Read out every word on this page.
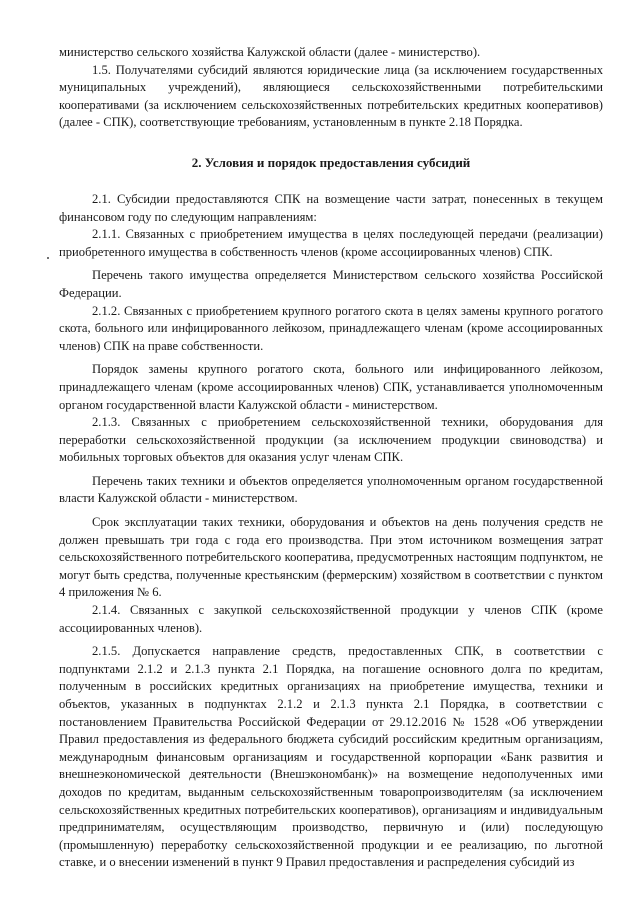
министерство сельского хозяйства Калужской области (далее - министерство).

1.5. Получателями субсидий являются юридические лица (за исключением государственных муниципальных учреждений), являющиеся сельскохозяйственными потребительскими кооперативами (за исключением сельскохозяйственных потребительских кредитных кооперативов) (далее - СПК), соответствующие требованиям, установленным в пункте 2.18 Порядка.

2. Условия и порядок предоставления субсидий

2.1. Субсидии предоставляются СПК на возмещение части затрат, понесенных в текущем финансовом году по следующим направлениям:

2.1.1. Связанных с приобретением имущества в целях последующей передачи (реализации) приобретенного имущества в собственность членов (кроме ассоциированных членов) СПК.

Перечень такого имущества определяется Министерством сельского хозяйства Российской Федерации.

2.1.2. Связанных с приобретением крупного рогатого скота в целях замены крупного рогатого скота, больного или инфицированного лейкозом, принадлежащего членам (кроме ассоциированных членов) СПК на праве собственности.

Порядок замены крупного рогатого скота, больного или инфицированного лейкозом, принадлежащего членам (кроме ассоциированных членов) СПК, устанавливается уполномоченным органом государственной власти Калужской области - министерством.

2.1.3. Связанных с приобретением сельскохозяйственной техники, оборудования для переработки сельскохозяйственной продукции (за исключением продукции свиноводства) и мобильных торговых объектов для оказания услуг членам СПК.

Перечень таких техники и объектов определяется уполномоченным органом государственной власти Калужской области - министерством.

Срок эксплуатации таких техники, оборудования и объектов на день получения средств не должен превышать три года с года его производства. При этом источником возмещения затрат сельскохозяйственного потребительского кооператива, предусмотренных настоящим подпунктом, не могут быть средства, полученные крестьянским (фермерским) хозяйством в соответствии с пунктом 4 приложения № 6.

2.1.4. Связанных с закупкой сельскохозяйственной продукции у членов СПК (кроме ассоциированных членов).

2.1.5. Допускается направление средств, предоставленных СПК, в соответствии с подпунктами 2.1.2 и 2.1.3 пункта 2.1 Порядка, на погашение основного долга по кредитам, полученным в российских кредитных организациях на приобретение имущества, техники и объектов, указанных в подпунктах 2.1.2 и 2.1.3 пункта 2.1 Порядка, в соответствии с постановлением Правительства Российской Федерации от 29.12.2016 № 1528 «Об утверждении Правил предоставления из федерального бюджета субсидий российским кредитным организациям, международным финансовым организациям и государственной корпорации «Банк развития и внешнеэкономической деятельности (Внешэкономбанк)» на возмещение недополученных ими доходов по кредитам, выданным сельскохозяйственным товаропроизводителям (за исключением сельскохозяйственных кредитных потребительских кооперативов), организациям и индивидуальным предпринимателям, осуществляющим производство, первичную и (или) последующую (промышленную) переработку сельскохозяйственной продукции и ее реализацию, по льготной ставке, и о внесении изменений в пункт 9 Правил предоставления и распределения субсидий из
